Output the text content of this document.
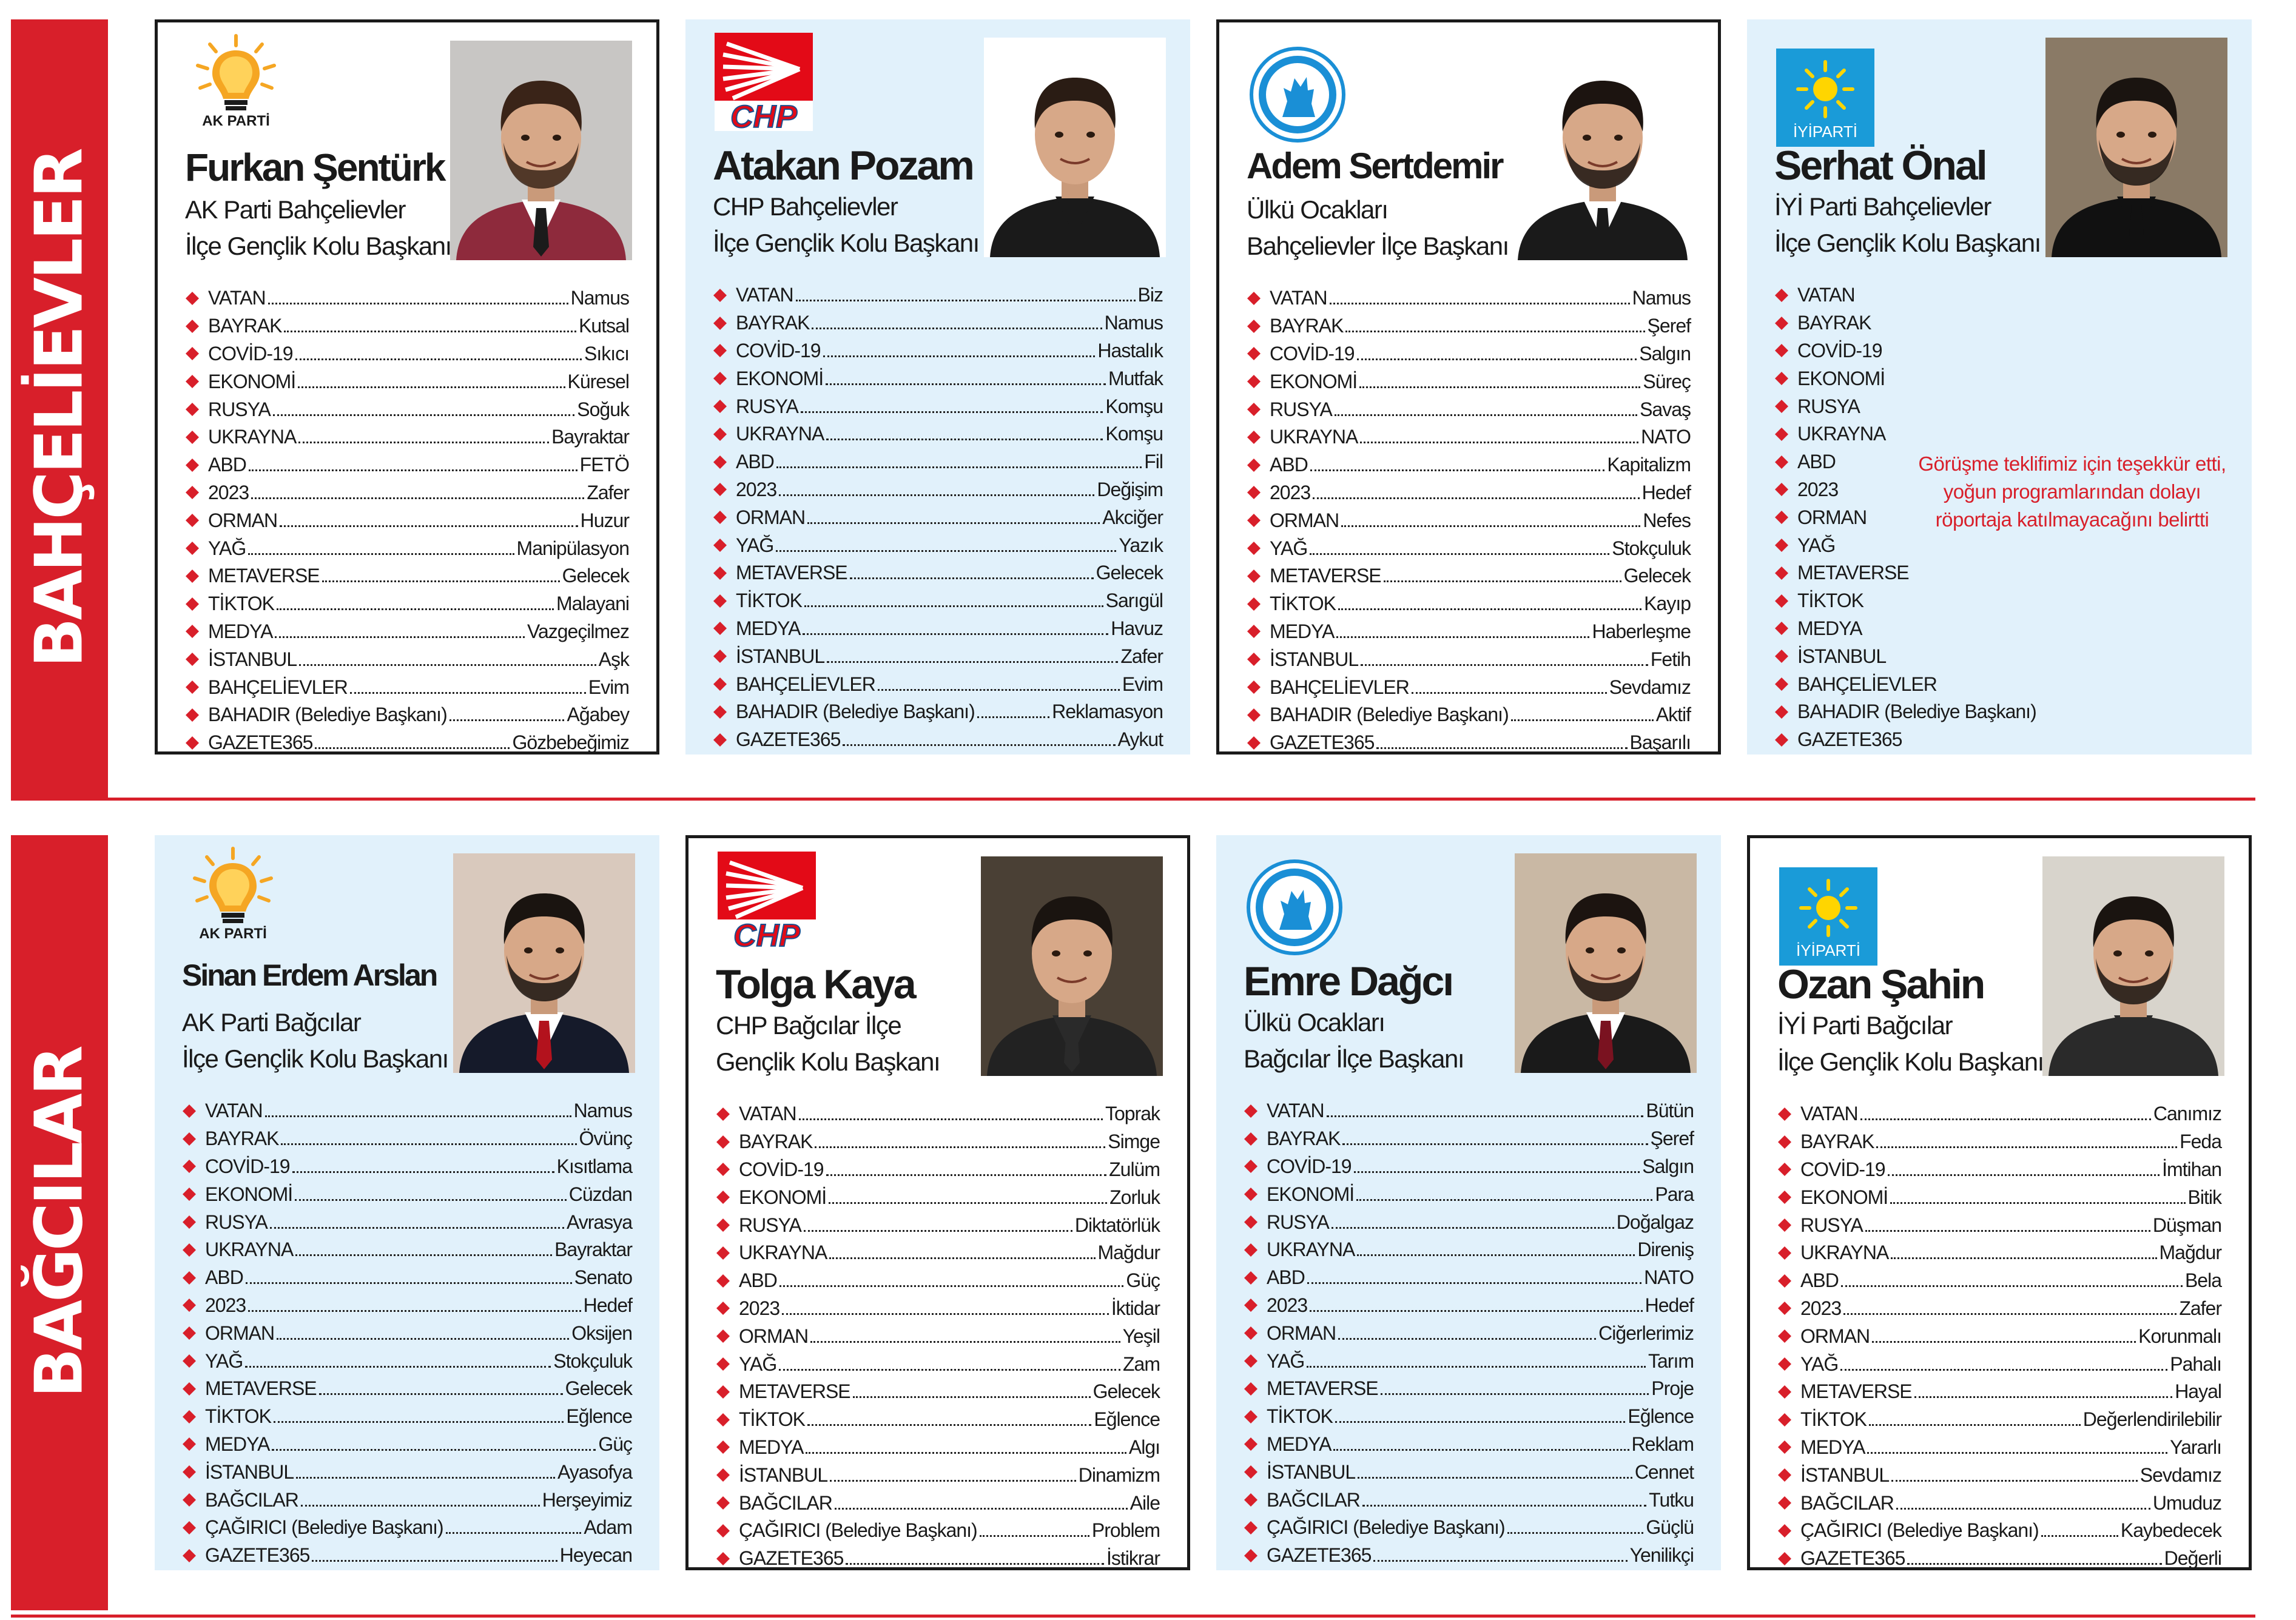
BAHÇELİEVLER
BAĞCILAR
AK PARTİ
Furkan Şentürk
AK Parti Bahçelievler
İlçe Gençlik Kolu Başkanı
VATAN	Namus
BAYRAK	Kutsal
COVİD-19	Sıkıcı
EKONOMİ	Küresel
RUSYA	Soğuk
UKRAYNA	Bayraktar
ABD	FETÖ
2023	Zafer
ORMAN	Huzur
YAĞ	Manipülasyon
METAVERSE	Gelecek
TİKTOK	Malayani
MEDYA	Vazgeçilmez
İSTANBUL	Aşk
BAHÇELİEVLER	Evim
BAHADIR (Belediye Başkanı)	Ağabey
GAZETE365	Gözbebeğimiz
CHP
Atakan Pozam
CHP Bahçelievler
İlçe Gençlik Kolu Başkanı
VATAN	Biz
BAYRAK	Namus
COVİD-19	Hastalık
EKONOMİ	Mutfak
RUSYA	Komşu
UKRAYNA	Komşu
ABD	Fil
2023	Değişim
ORMAN	Akciğer
YAĞ	Yazık
METAVERSE	Gelecek
TİKTOK	Sarıgül
MEDYA	Havuz
İSTANBUL	Zafer
BAHÇELİEVLER	Evim
BAHADIR (Belediye Başkanı)	Reklamasyon
GAZETE365	Aykut
Adem Sertdemir
Ülkü Ocakları
Bahçelievler İlçe Başkanı
VATAN	Namus
BAYRAK	Şeref
COVİD-19	Salgın
EKONOMİ	Süreç
RUSYA	Savaş
UKRAYNA	NATO
ABD	Kapitalizm
2023	Hedef
ORMAN	Nefes
YAĞ	Stokçuluk
METAVERSE	Gelecek
TİKTOK	Kayıp
MEDYA	Haberleşme
İSTANBUL	Fetih
BAHÇELİEVLER	Sevdamız
BAHADIR (Belediye Başkanı)	Aktif
GAZETE365	Başarılı
İYİPARTİ
Serhat Önal
İYİ Parti Bahçelievler
İlçe Gençlik Kolu Başkanı
VATAN
BAYRAK
COVİD-19
EKONOMİ
RUSYA
UKRAYNA
ABD
2023
ORMAN
YAĞ
METAVERSE
TİKTOK
MEDYA
İSTANBUL
BAHÇELİEVLER
BAHADIR (Belediye Başkanı)
GAZETE365
Görüşme teklifimiz için teşekkür etti, yoğun programlarından dolayı röportaja katılmayacağını belirtti
AK PARTİ
Sinan Erdem Arslan
AK Parti Bağcılar
İlçe Gençlik Kolu Başkanı
VATAN	Namus
BAYRAK	Övünç
COVİD-19	Kısıtlama
EKONOMİ	Cüzdan
RUSYA	Avrasya
UKRAYNA	Bayraktar
ABD	Senato
2023	Hedef
ORMAN	Oksijen
YAĞ	Stokçuluk
METAVERSE	Gelecek
TİKTOK	Eğlence
MEDYA	Güç
İSTANBUL	Ayasofya
BAĞCILAR	Herşeyimiz
ÇAĞIRICI (Belediye Başkanı)	Adam
GAZETE365	Heyecan
CHP
Tolga Kaya
CHP Bağcılar İlçe
Gençlik Kolu Başkanı
VATAN	Toprak
BAYRAK	Simge
COVİD-19	Zulüm
EKONOMİ	Zorluk
RUSYA	Diktatörlük
UKRAYNA	Mağdur
ABD	Güç
2023	İktidar
ORMAN	Yeşil
YAĞ	Zam
METAVERSE	Gelecek
TİKTOK	Eğlence
MEDYA	Algı
İSTANBUL	Dinamizm
BAĞCILAR	Aile
ÇAĞIRICI (Belediye Başkanı)	Problem
GAZETE365	İstikrar
Emre Dağcı
Ülkü Ocakları
Bağcılar İlçe Başkanı
VATAN	Bütün
BAYRAK	Şeref
COVİD-19	Salgın
EKONOMİ	Para
RUSYA	Doğalgaz
UKRAYNA	Direniş
ABD	NATO
2023	Hedef
ORMAN	Ciğerlerimiz
YAĞ	Tarım
METAVERSE	Proje
TİKTOK	Eğlence
MEDYA	Reklam
İSTANBUL	Cennet
BAĞCILAR	Tutku
ÇAĞIRICI (Belediye Başkanı)	Güçlü
GAZETE365	Yenilikçi
İYİPARTİ
Ozan Şahin
İYİ Parti Bağcılar
İlçe Gençlik Kolu Başkanı
VATAN	Canımız
BAYRAK	Feda
COVİD-19	İmtihan
EKONOMİ	Bitik
RUSYA	Düşman
UKRAYNA	Mağdur
ABD	Bela
2023	Zafer
ORMAN	Korunmalı
YAĞ	Pahalı
METAVERSE	Hayal
TİKTOK	Değerlendirilebilir
MEDYA	Yararlı
İSTANBUL	Sevdamız
BAĞCILAR	Umuduz
ÇAĞIRICI (Belediye Başkanı)	Kaybedecek
GAZETE365	Değerli
